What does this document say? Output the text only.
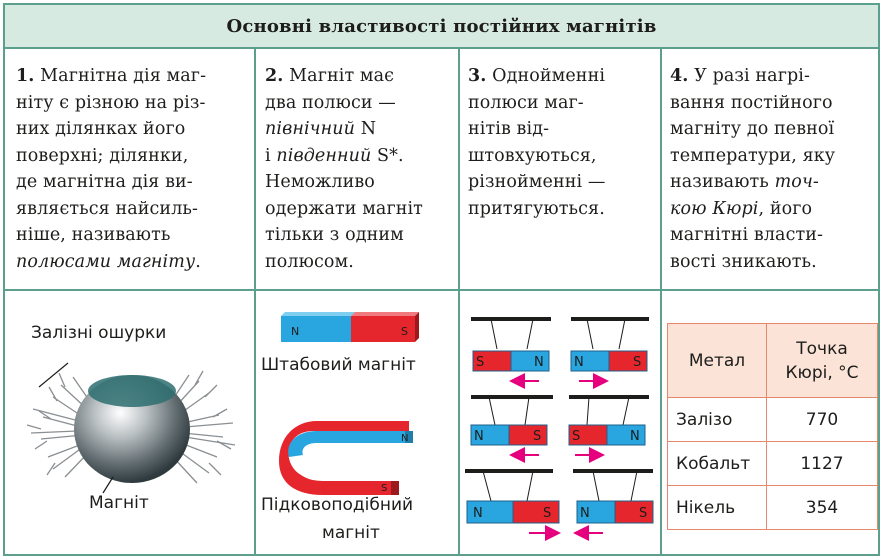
Основні властивості постійних магнітів
1. Магнітна дія маг-
ніту є різною на різ-
них ділянках його
поверхні; ділянки,
де магнітна дія ви-
являється найсиль-
ніше, називають
полюсами магніту.
2. Магніт має
два полюси —
північний N
і південний S*.
Неможливо
одержати магніт
тільки з одним
полюсом.
3. Однойменні
полюси маг-
нітів від-
штовхуються,
різнойменні —
притягуються.
4. У разі нагрі-
вання постійного
магніту до певної
температури, яку
називають точ-
кою Кюрі, його
магнітні власти-
вості зникають.
Залізні ошурки
Магніт
N	S
Штабовий магніт
N
S
Підковоподібний
магніт
S	N N	S
N	S S	N
N	S N	S
Метал	Точка
Кюрі, °С
Залізо	770
Кобальт	1127
Нікель	354
